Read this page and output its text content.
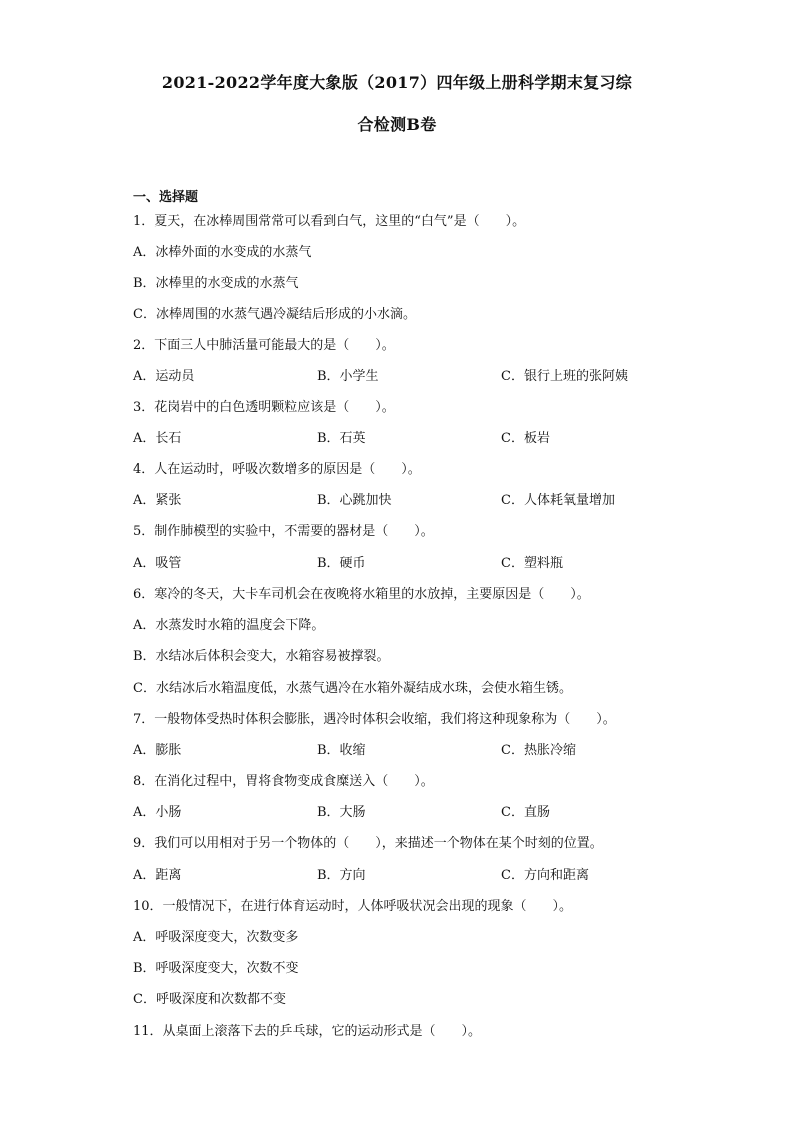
2021-2022学年度大象版（2017）四年级上册科学期末复习综
合检测B卷
一、选择题
1．夏天，在冰棒周围常常可以看到白气，这里的“白气”是（　　）。
A．冰棒外面的水变成的水蒸气
B．冰棒里的水变成的水蒸气
C．冰棒周围的水蒸气遇冷凝结后形成的小水滴。
2．下面三人中肺活量可能最大的是（　　）。
A．运动员	B．小学生	C．银行上班的张阿姨
3．花岗岩中的白色透明颗粒应该是（　　）。
A．长石	B．石英	C．板岩
4．人在运动时，呼吸次数增多的原因是（　　）。
A．紧张	B．心跳加快	C．人体耗氧量增加
5．制作肺模型的实验中，不需要的器材是（　　）。
A．吸管	B．硬币	C．塑料瓶
6．寒冷的冬天，大卡车司机会在夜晚将水箱里的水放掉，主要原因是（　　）。
A．水蒸发时水箱的温度会下降。
B．水结冰后体积会变大，水箱容易被撑裂。
C．水结冰后水箱温度低，水蒸气遇冷在水箱外凝结成水珠，会使水箱生锈。
7．一般物体受热时体积会膨胀，遇冷时体积会收缩，我们将这种现象称为（　　）。
A．膨胀	B．收缩	C．热胀冷缩
8．在消化过程中，胃将食物变成食糜送入（　　）。
A．小肠	B．大肠	C．直肠
9．我们可以用相对于另一个物体的（　　），来描述一个物体在某个时刻的位置。
A．距离	B．方向	C．方向和距离
10．一般情况下，在进行体育运动时，人体呼吸状况会出现的现象（　　）。
A．呼吸深度变大，次数变多
B．呼吸深度变大，次数不变
C．呼吸深度和次数都不变
11．从桌面上滚落下去的乒乓球，它的运动形式是（　　）。
